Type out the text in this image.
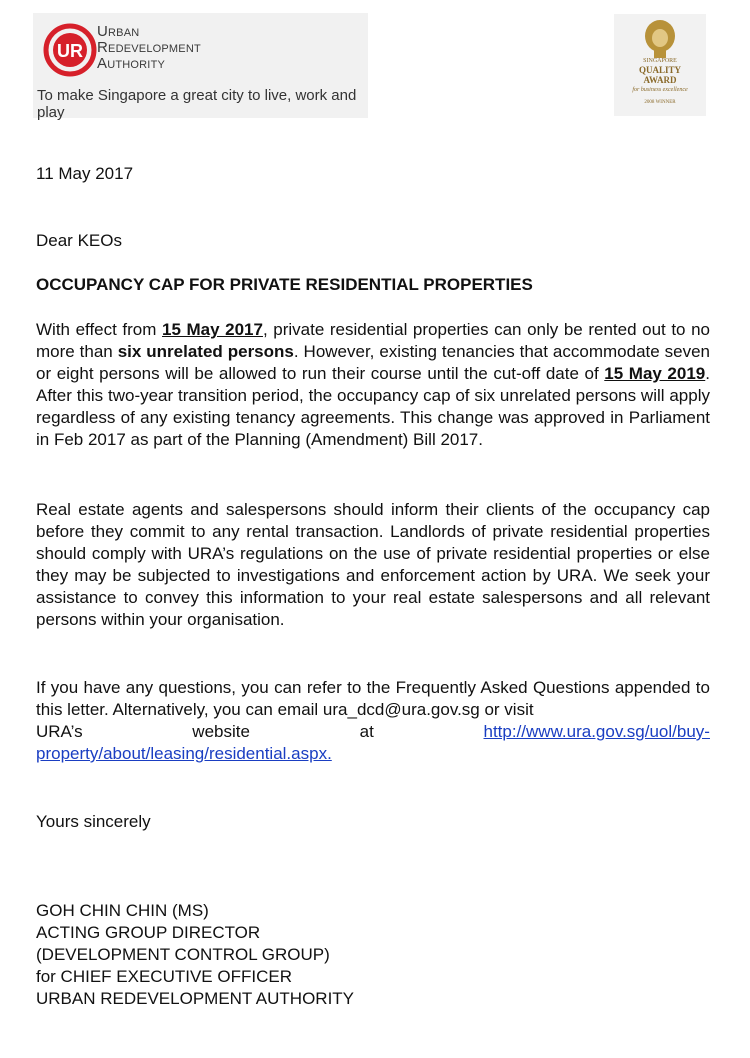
UR
Urban
Redevelopment
Authority
To make Singapore a great city to live, work and play
SINGAPORE
QUALITY
AWARD
for business excellence
2008 WINNER
11 May 2017
Dear KEOs
OCCUPANCY CAP FOR PRIVATE RESIDENTIAL PROPERTIES
With effect from 15 May 2017, private residential properties can only be rented out to no more than six unrelated persons. However, existing tenancies that accommodate seven or eight persons will be allowed to run their course until the cut-off date of 15 May 2019. After this two-year transition period, the occupancy cap of six unrelated persons will apply regardless of any existing tenancy agreements. This change was approved in Parliament in Feb 2017 as part of the Planning (Amendment) Bill 2017.
Real estate agents and salespersons should inform their clients of the occupancy cap before they commit to any rental transaction. Landlords of private residential properties should comply with URA’s regulations on the use of private residential properties or else they may be subjected to investigations and enforcement action by URA. We seek your assistance to convey this information to your real estate salespersons and all relevant persons within your organisation.
If you have any questions, you can refer to the Frequently Asked Questions appended to this letter. Alternatively, you can email ura_dcd@ura.gov.sg or visit
URA’s	website	at	http://www.ura.gov.sg/uol/buy-
property/about/leasing/residential.aspx.
Yours sincerely
GOH CHIN CHIN (MS)
ACTING GROUP DIRECTOR
(DEVELOPMENT CONTROL GROUP)
for CHIEF EXECUTIVE OFFICER
URBAN REDEVELOPMENT AUTHORITY
